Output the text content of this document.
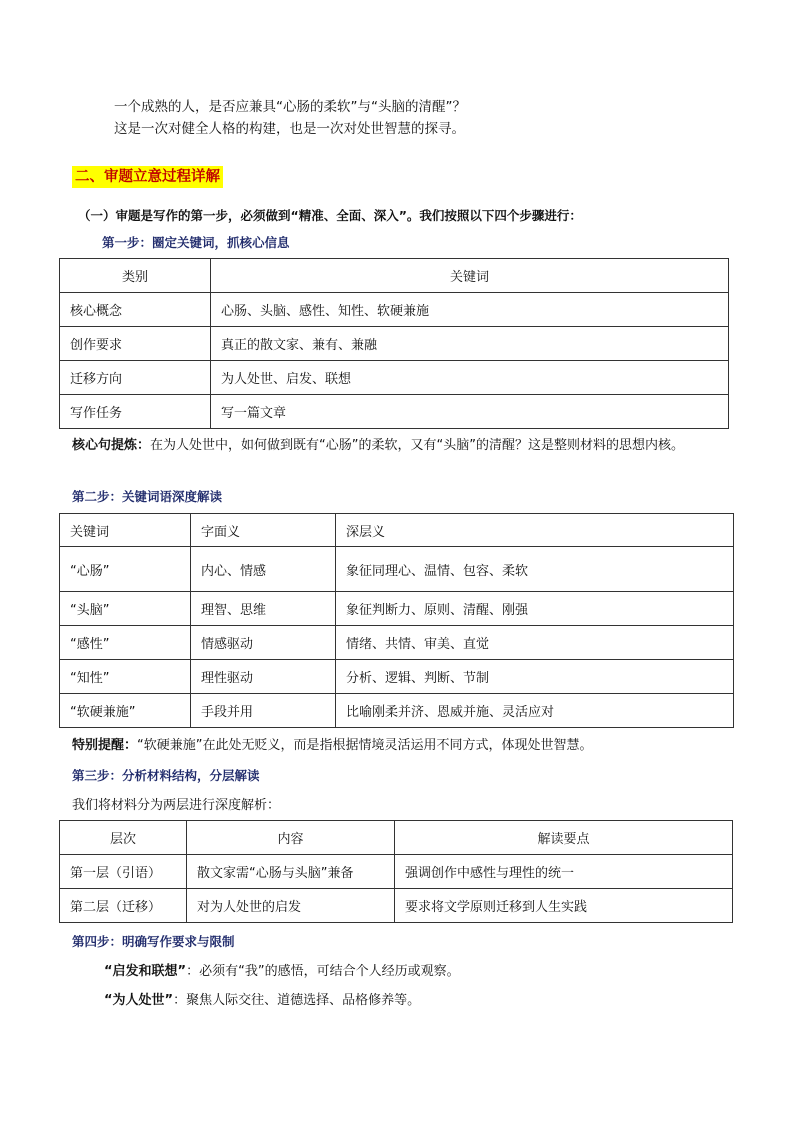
一个成熟的人，是否应兼具“心肠的柔软”与“头脑的清醒”？
这是一次对健全人格的构建，也是一次对处世智慧的探寻。
二、审题立意过程详解
（一）审题是写作的第一步，必须做到“精准、全面、深入”。我们按照以下四个步骤进行：
第一步：圈定关键词，抓核心信息
类别	关键词
核心概念	心肠、头脑、感性、知性、软硬兼施
创作要求	真正的散文家、兼有、兼融
迁移方向	为人处世、启发、联想
写作任务	写一篇文章
核心句提炼：在为人处世中，如何做到既有“心肠”的柔软，又有“头脑”的清醒？这是整则材料的思想内核。
第二步：关键词语深度解读
关键词	字面义	深层义
“心肠”	内心、情感	象征同理心、温情、包容、柔软
“头脑”	理智、思维	象征判断力、原则、清醒、刚强
“感性”	情感驱动	情绪、共情、审美、直觉
“知性”	理性驱动	分析、逻辑、判断、节制
“软硬兼施”	手段并用	比喻刚柔并济、恩威并施、灵活应对
特别提醒：“软硬兼施”在此处无贬义，而是指根据情境灵活运用不同方式，体现处世智慧。
第三步：分析材料结构，分层解读
我们将材料分为两层进行深度解析：
层次	内容	解读要点
第一层（引语）	散文家需“心肠与头脑”兼备	强调创作中感性与理性的统一
第二层（迁移）	对为人处世的启发	要求将文学原则迁移到人生实践
第四步：明确写作要求与限制
“启发和联想”：必须有“我”的感悟，可结合个人经历或观察。
“为人处世”：聚焦人际交往、道德选择、品格修养等。
